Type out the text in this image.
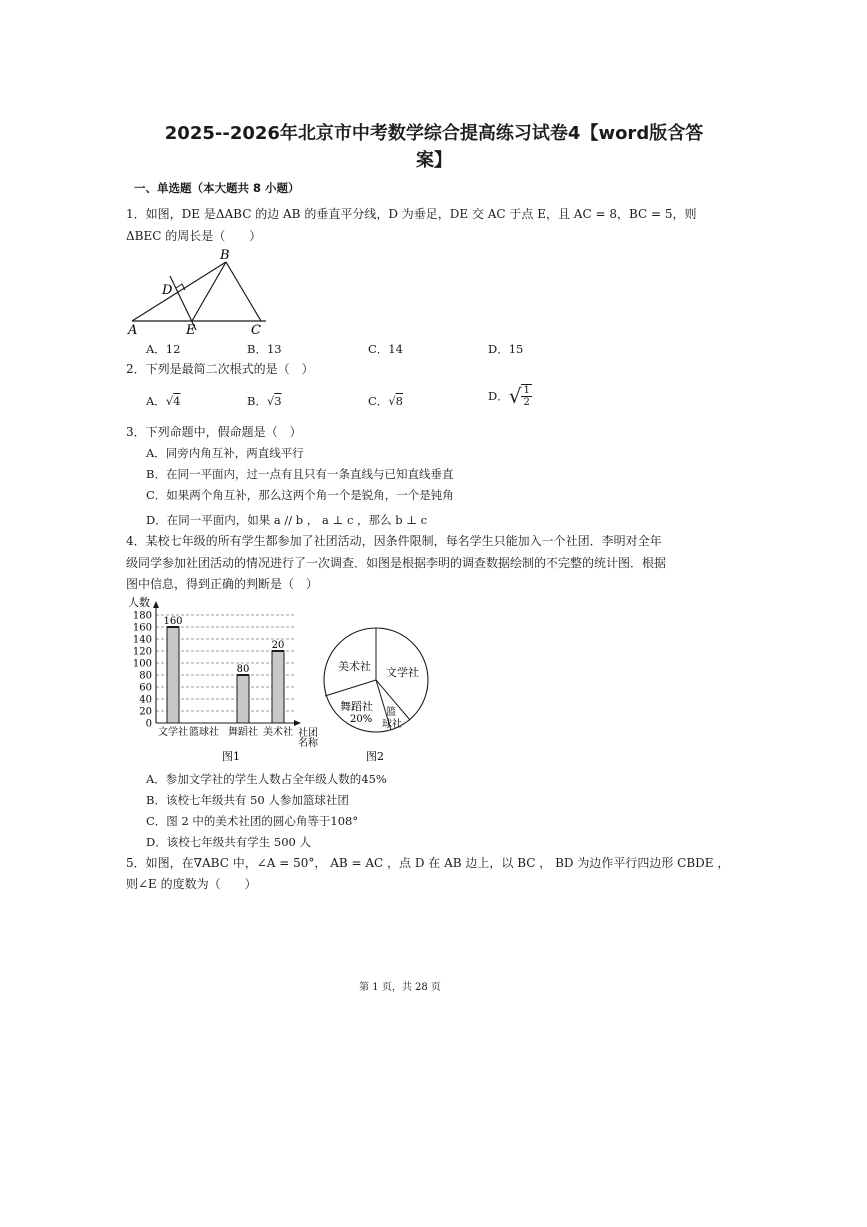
2025--2026年北京市中考数学综合提高练习试卷4【word版含答
案】
一、单选题（本大题共 8 小题）
1．如图，DE 是ΔABC 的边 AB 的垂直平分线，D 为垂足，DE 交 AC 于点 E，且 AC = 8，BC = 5，则
ΔBEC 的周长是（　　）
B
D
A	E	C
A．12	B．13	C．14	D．15
2．下列是最简二次根式的是（　）
A．√4	B．√3	C．√8	D．√ $\frac{1}{2}$
3．下列命题中，假命题是（　）
A．同旁内角互补，两直线平行
B．在同一平面内，过一点有且只有一条直线与已知直线垂直
C．如果两个角互补，那么这两个角一个是锐角，一个是钝角
D．在同一平面内，如果 a // b ， a ⊥ c ，那么 b ⊥ c
4．某校七年级的所有学生都参加了社团活动，因条件限制，每名学生只能加入一个社团．李明对全年
级同学参加社团活动的情况进行了一次调查．如图是根据李明的调查数据绘制的不完整的统计图．根据
图中信息，得到正确的判断是（　）
人数
0
20
40
60
80
100
120
140
160
180 160
80
20
文学社 篮球社 舞蹈社 美术社 社团
名称
图1
美术社 文学社
舞蹈社
20%
篮
球社
图2
A．参加文学社的学生人数占全年级人数的45%
B．该校七年级共有 50 人参加篮球社团
C．图 2 中的美术社团的圆心角等于108°
D．该校七年级共有学生 500 人
5．如图，在∇ABC 中，∠A = 50°， AB = AC ，点 D 在 AB 边上，以 BC ， BD 为边作平行四边形 CBDE ，
则∠E 的度数为（　　）
第 1 页，共 28 页
